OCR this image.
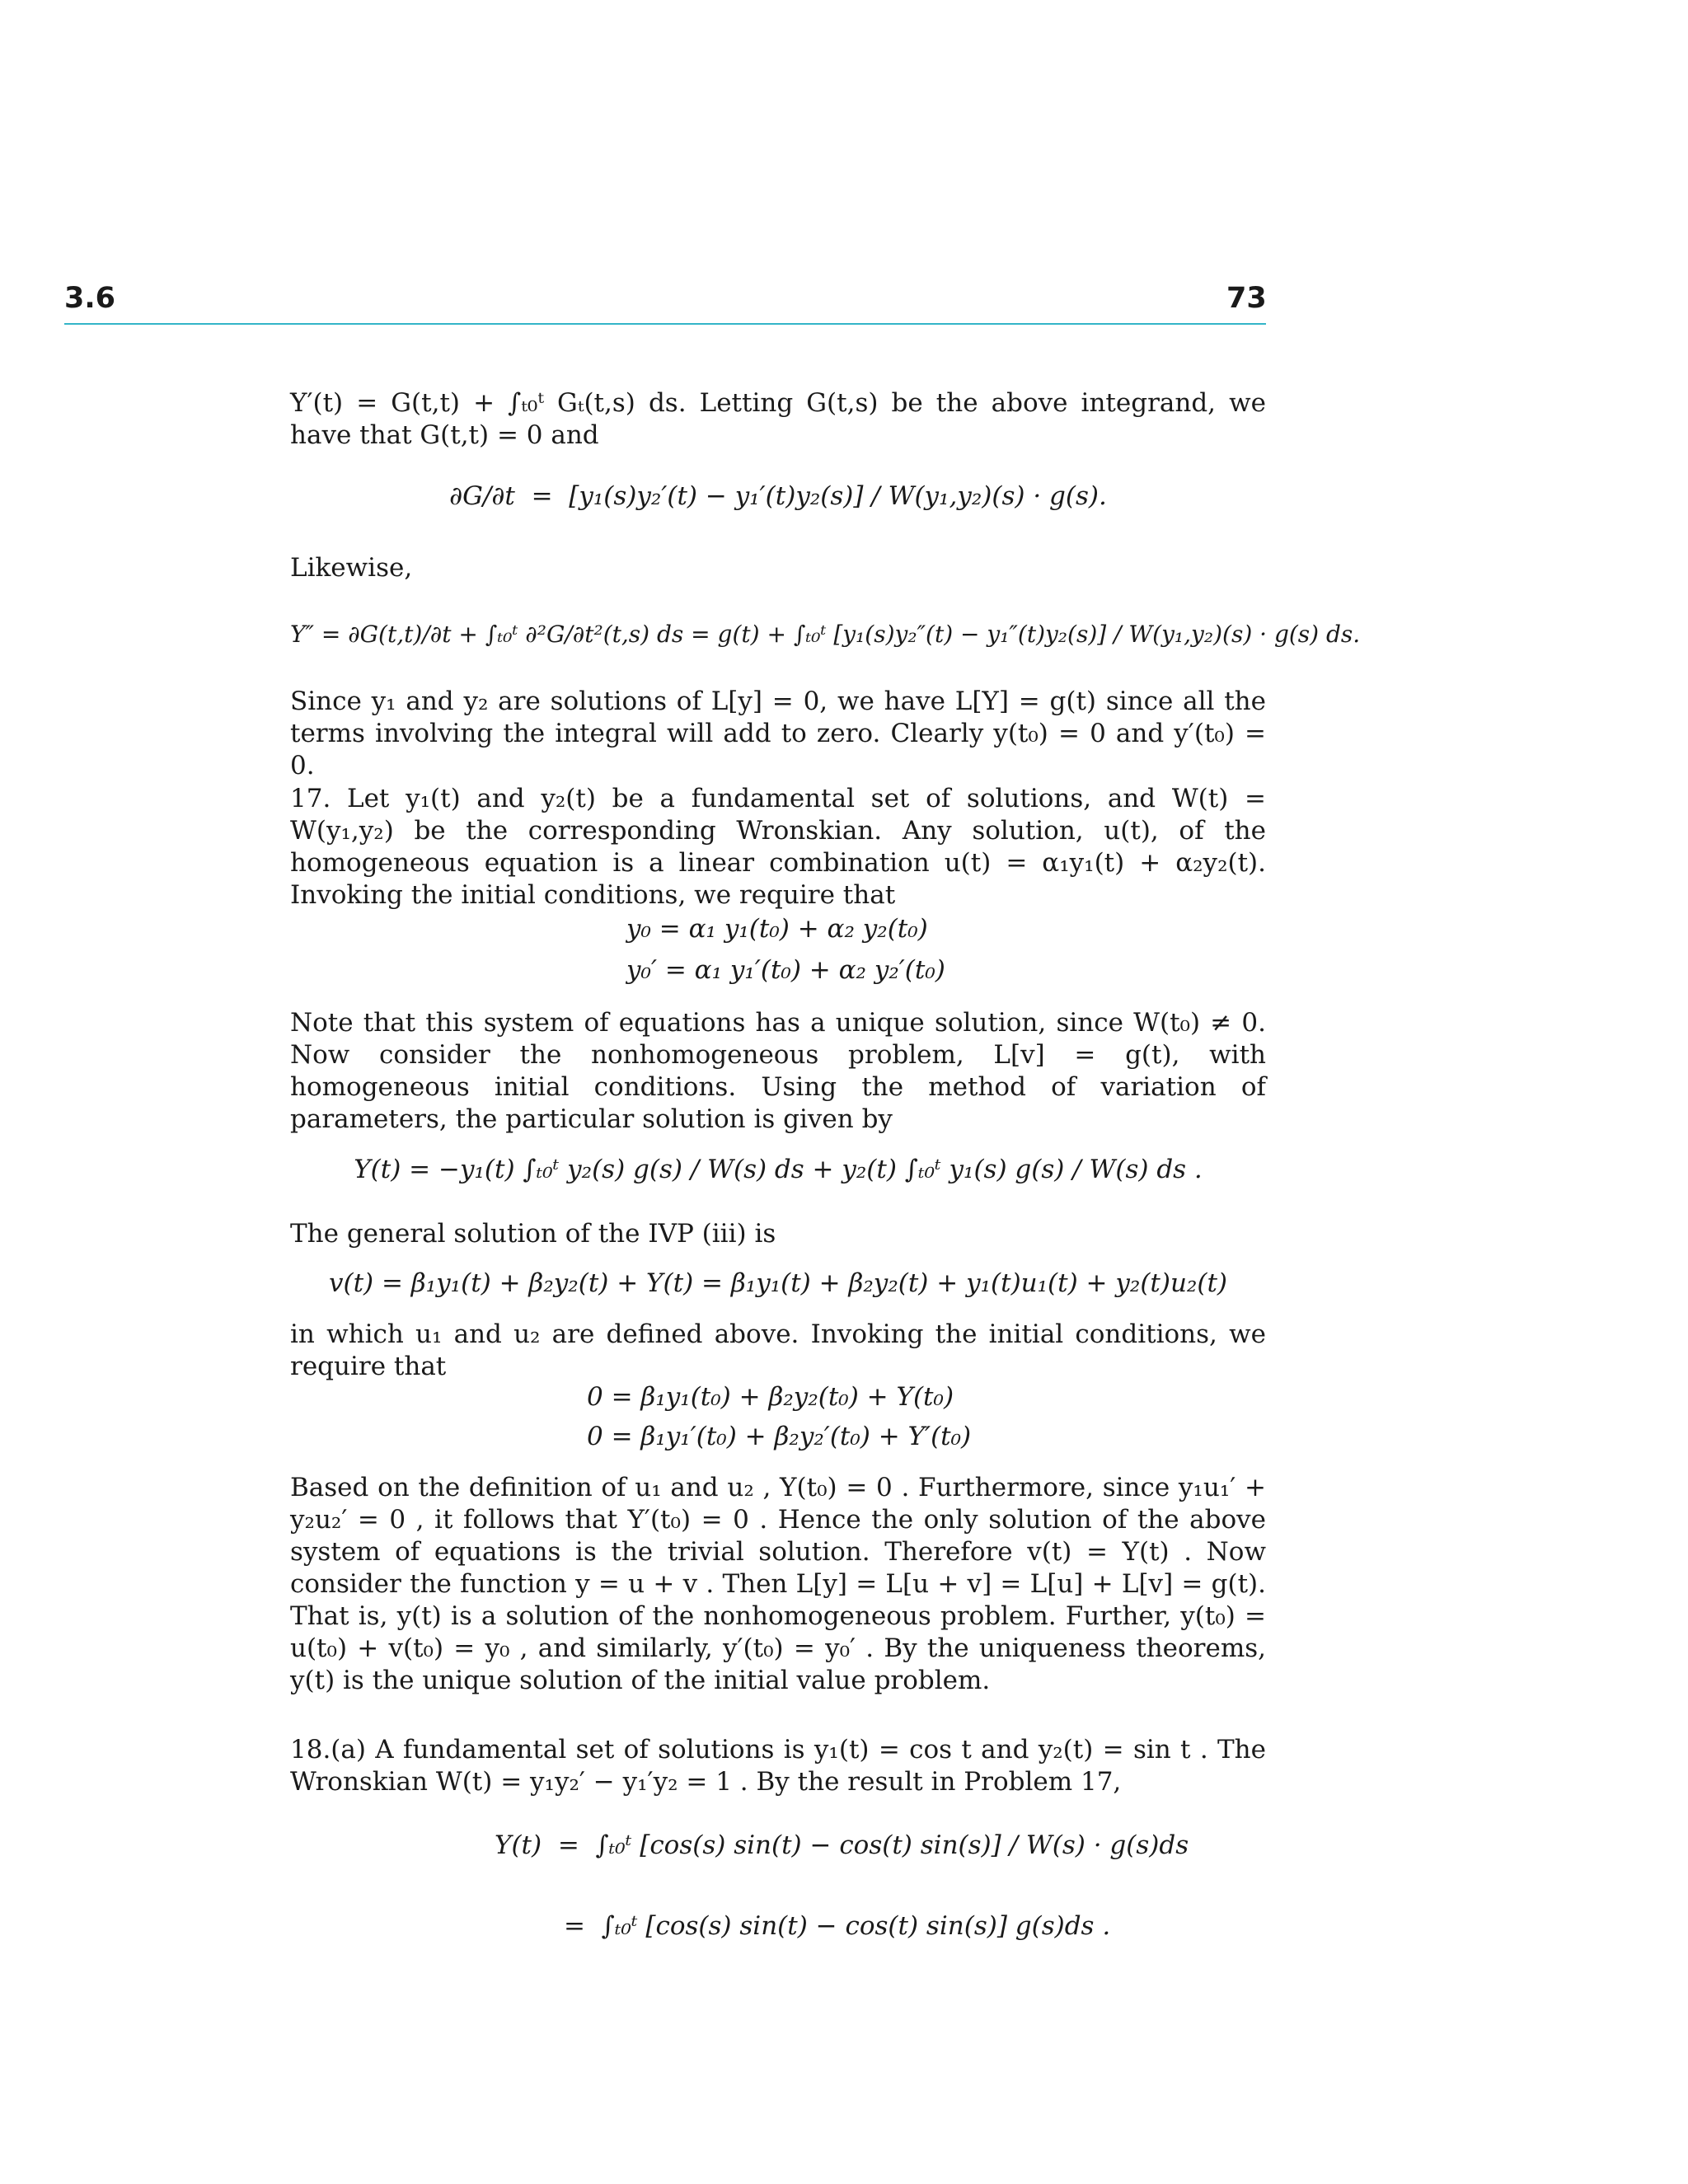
3.6	73

Y′(t) = G(t,t) + ∫ₜ₀ᵗ Gₜ(t,s) ds. Letting G(t,s) be the above integrand, we have that G(t,t) = 0 and

∂G/∂t  =  [y₁(s)y₂′(t) − y₁′(t)y₂(s)] / W(y₁,y₂)(s) · g(s).

Likewise,

Y″ = ∂G(t,t)/∂t + ∫ₜ₀ᵗ ∂²G/∂t²(t,s) ds = g(t) + ∫ₜ₀ᵗ [y₁(s)y₂″(t) − y₁″(t)y₂(s)] / W(y₁,y₂)(s) · g(s) ds.

Since y₁ and y₂ are solutions of L[y] = 0, we have L[Y] = g(t) since all the terms involving the integral will add to zero. Clearly y(t₀) = 0 and y′(t₀) = 0.

17. Let y₁(t) and y₂(t) be a fundamental set of solutions, and W(t) = W(y₁,y₂) be the corresponding Wronskian. Any solution, u(t), of the homogeneous equation is a linear combination u(t) = α₁y₁(t) + α₂y₂(t). Invoking the initial conditions, we require that

y₀ = α₁ y₁(t₀) + α₂ y₂(t₀)

y₀′ = α₁ y₁′(t₀) + α₂ y₂′(t₀)

Note that this system of equations has a unique solution, since W(t₀) ≠ 0. Now consider the nonhomogeneous problem, L[v] = g(t), with homogeneous initial conditions. Using the method of variation of parameters, the particular solution is given by

Y(t) = −y₁(t) ∫ₜ₀ᵗ y₂(s) g(s) / W(s) ds + y₂(t) ∫ₜ₀ᵗ y₁(s) g(s) / W(s) ds .

The general solution of the IVP (iii) is

v(t) = β₁y₁(t) + β₂y₂(t) + Y(t) = β₁y₁(t) + β₂y₂(t) + y₁(t)u₁(t) + y₂(t)u₂(t)

in which u₁ and u₂ are defined above. Invoking the initial conditions, we require that

0 = β₁y₁(t₀) + β₂y₂(t₀) + Y(t₀)

0 = β₁y₁′(t₀) + β₂y₂′(t₀) + Y′(t₀)

Based on the definition of u₁ and u₂ , Y(t₀) = 0 . Furthermore, since y₁u₁′ + y₂u₂′ = 0 , it follows that Y′(t₀) = 0 . Hence the only solution of the above system of equations is the trivial solution. Therefore v(t) = Y(t) . Now consider the function y = u + v . Then L[y] = L[u + v] = L[u] + L[v] = g(t). That is, y(t) is a solution of the nonhomogeneous problem. Further, y(t₀) = u(t₀) + v(t₀) = y₀ , and similarly, y′(t₀) = y₀′ . By the uniqueness theorems, y(t) is the unique solution of the initial value problem.

18.(a) A fundamental set of solutions is y₁(t) = cos t and y₂(t) = sin t . The Wronskian W(t) = y₁y₂′ − y₁′y₂ = 1 . By the result in Problem 17,

Y(t)  =  ∫ₜ₀ᵗ [cos(s) sin(t) − cos(t) sin(s)] / W(s) · g(s)ds

=  ∫ₜ₀ᵗ [cos(s) sin(t) − cos(t) sin(s)] g(s)ds .
